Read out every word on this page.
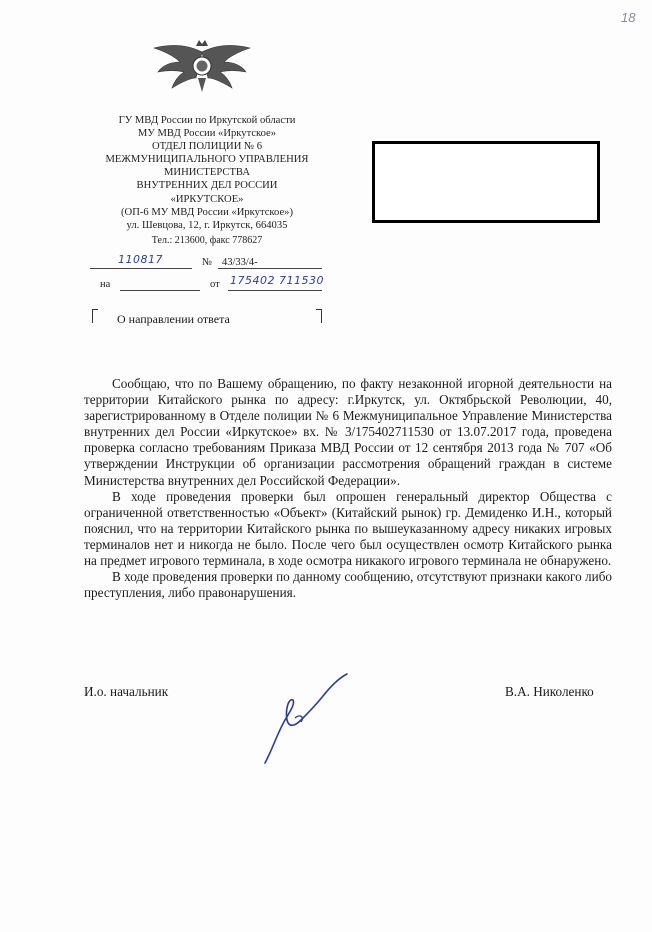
18
ГУ МВД России по Иркутской области
МУ МВД России «Иркутское»
ОТДЕЛ ПОЛИЦИИ № 6
МЕЖМУНИЦИПАЛЬНОГО УПРАВЛЕНИЯ
МИНИСТЕРСТВА
ВНУТРЕННИХ ДЕЛ РОССИИ
«ИРКУТСКОЕ»
(ОП-6 МУ МВД России «Иркутское»)
ул. Шевцова, 12, г. Иркутск, 664035
Тел.: 213600, факс 778627
110817	№ 43/33/4-
на	от 175402 711530
О направлении ответа

Сообщаю, что по Вашему обращению, по факту незаконной игорной деятельности на территории Китайского рынка по адресу: г.Иркутск, ул. Октябрьской Революции, 40, зарегистрированному в Отделе полиции № 6 Межмуниципальное Управление Министерства внутренних дел России «Иркутское» вх. № 3/175402711530 от 13.07.2017 года, проведена проверка согласно требованиям Приказа МВД России от 12 сентября 2013 года № 707 «Об утверждении Инструкции об организации рассмотрения обращений граждан в системе Министерства внутренних дел Российской Федерации».

В ходе проведения проверки был опрошен генеральный директор Общества с ограниченной ответственностью «Объект» (Китайский рынок) гр. Демиденко И.Н., который пояснил, что на территории Китайского рынка по вышеуказанному адресу никаких игровых терминалов нет и никогда не было. После чего был осуществлен осмотр Китайского рынка на предмет игрового терминала, в ходе осмотра никакого игрового терминала не обнаружено.

В ходе проведения проверки по данному сообщению, отсутствуют признаки какого либо преступления, либо правонарушения.

И.о. начальник	В.А. Николенко
